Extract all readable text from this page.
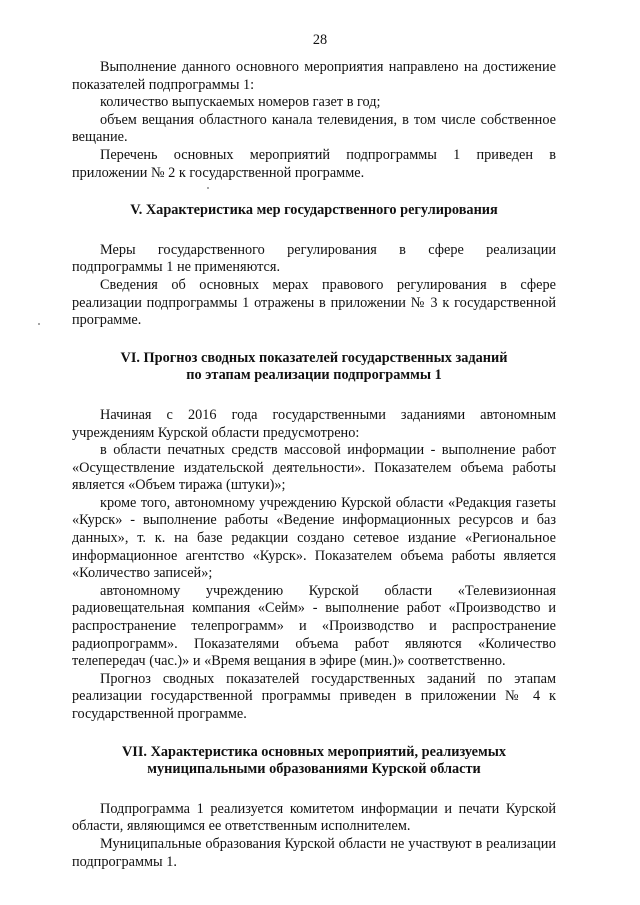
28

Выполнение данного основного мероприятия направлено на достижение показателей подпрограммы 1:

количество выпускаемых номеров газет в год;

объем вещания областного канала телевидения, в том числе собственное вещание.

Перечень основных мероприятий подпрограммы 1 приведен в приложении № 2 к государственной программе.

V. Характеристика мер государственного регулирования

Меры государственного регулирования в сфере реализации подпрограммы 1 не применяются.

Сведения об основных мерах правового регулирования в сфере реализации подпрограммы 1 отражены в приложении № 3 к государственной программе.

VI. Прогноз сводных показателей государственных заданий
по этапам реализации подпрограммы 1

Начиная с 2016 года государственными заданиями автономным учреждениям Курской области предусмотрено:

в области печатных средств массовой информации - выполнение работ «Осуществление издательской деятельности». Показателем объема работы является «Объем тиража (штуки)»;

кроме того, автономному учреждению Курской области «Редакция газеты «Курск» - выполнение работы «Ведение информационных ресурсов и баз данных», т. к. на базе редакции создано сетевое издание «Региональное информационное агентство «Курск». Показателем объема работы является «Количество записей»;

автономному учреждению Курской области «Телевизионная радиовещательная компания «Сейм» - выполнение работ «Производство и распространение телепрограмм» и «Производство и распространение радиопрограмм». Показателями объема работ являются «Количество телепередач (час.)» и «Время вещания в эфире (мин.)» соответственно.

Прогноз сводных показателей государственных заданий по этапам реализации государственной программы приведен в приложении № 4 к государственной программе.

VII. Характеристика основных мероприятий, реализуемых
муниципальными образованиями Курской области

Подпрограмма 1 реализуется комитетом информации и печати Курской области, являющимся ее ответственным исполнителем.

Муниципальные образования Курской области не участвуют в реализации подпрограммы 1.
